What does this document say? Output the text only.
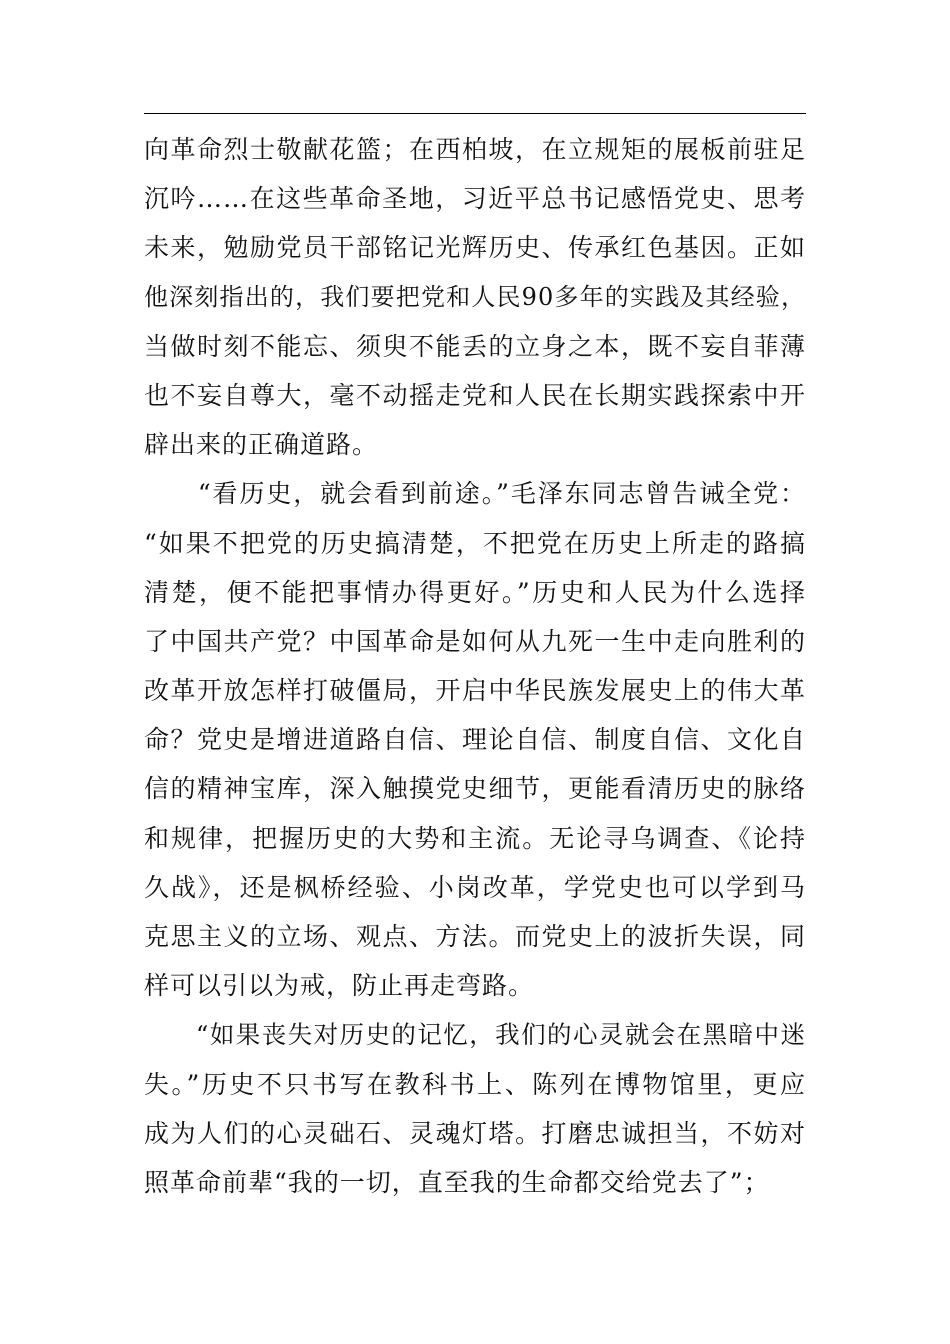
向革命烈士敬献花篮；在西柏坡，在立规矩的展板前驻足
沉吟……在这些革命圣地，习近平总书记感悟党史、思考
未来，勉励党员干部铭记光辉历史、传承红色基因。正如
他深刻指出的，我们要把党和人民90多年的实践及其经验，
当做时刻不能忘、须臾不能丢的立身之本，既不妄自菲薄
也不妄自尊大，毫不动摇走党和人民在长期实践探索中开
辟出来的正确道路。
　　“看历史，就会看到前途。”毛泽东同志曾告诫全党：
“如果不把党的历史搞清楚，不把党在历史上所走的路搞
清楚，便不能把事情办得更好。”历史和人民为什么选择
了中国共产党？中国革命是如何从九死一生中走向胜利的
改革开放怎样打破僵局，开启中华民族发展史上的伟大革
命？党史是增进道路自信、理论自信、制度自信、文化自
信的精神宝库，深入触摸党史细节，更能看清历史的脉络
和规律，把握历史的大势和主流。无论寻乌调查、《论持
久战》，还是枫桥经验、小岗改革，学党史也可以学到马
克思主义的立场、观点、方法。而党史上的波折失误，同
样可以引以为戒，防止再走弯路。
　　“如果丧失对历史的记忆，我们的心灵就会在黑暗中迷
失。”历史不只书写在教科书上、陈列在博物馆里，更应
成为人们的心灵础石、灵魂灯塔。打磨忠诚担当，不妨对
照革命前辈“我的一切，直至我的生命都交给党去了”；
